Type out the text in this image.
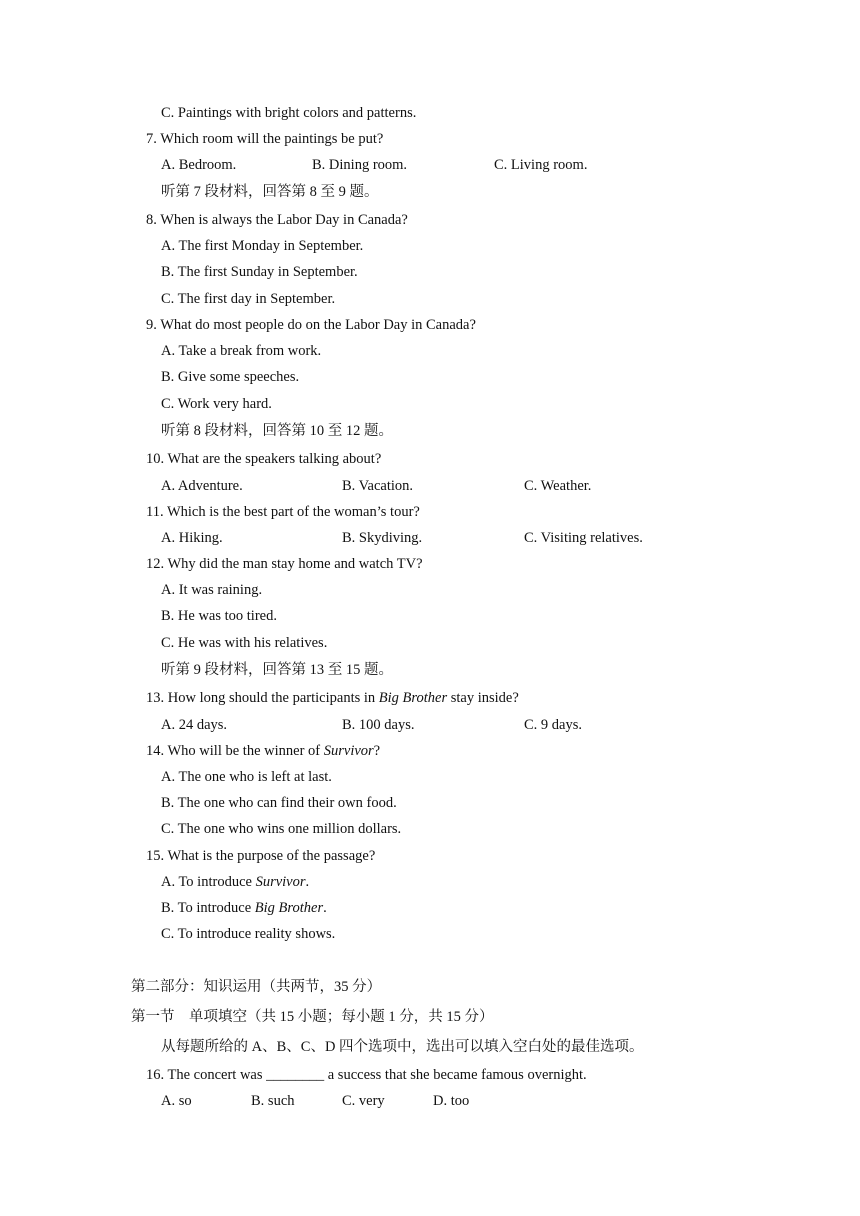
C. Paintings with bright colors and patterns.
7. Which room will the paintings be put?
A. Bedroom.	B. Dining room.	C. Living room.
听第 7 段材料，回答第 8 至 9 题。
8. When is always the Labor Day in Canada?
A. The first Monday in September.
B. The first Sunday in September.
C. The first day in September.
9. What do most people do on the Labor Day in Canada?
A. Take a break from work.
B. Give some speeches.
C. Work very hard.
听第 8 段材料，回答第 10 至 12 题。
10. What are the speakers talking about?
A. Adventure.	B. Vacation.	C. Weather.
11. Which is the best part of the woman’s tour?
A. Hiking.	B. Skydiving.	C. Visiting relatives.
12. Why did the man stay home and watch TV?
A. It was raining.
B. He was too tired.
C. He was with his relatives.
听第 9 段材料，回答第 13 至 15 题。
13. How long should the participants in Big Brother stay inside?
A. 24 days.	B. 100 days.	C. 9 days.
14. Who will be the winner of Survivor?
A. The one who is left at last.
B. The one who can find their own food.
C. The one who wins one million dollars.
15. What is the purpose of the passage?
A. To introduce Survivor.
B. To introduce Big Brother.
C. To introduce reality shows.
第二部分：知识运用（共两节，35 分）
第一节　单项填空（共 15 小题；每小题 1 分，共 15 分）
从每题所给的 A、B、C、D 四个选项中，选出可以填入空白处的最佳选项。
16. The concert was ________ a success that she became famous overnight.
A. so	B. such	C. very	D. too
